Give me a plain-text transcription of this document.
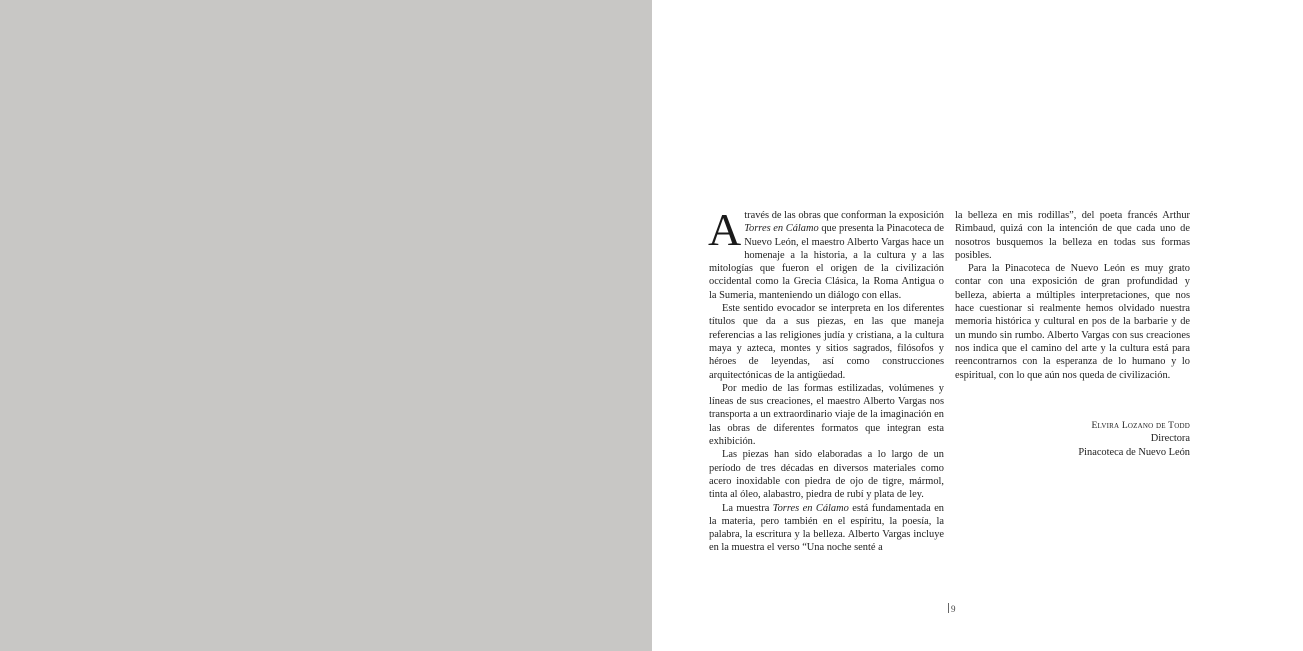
Através de las obras que conforman la exposición Torres en Cálamo que presenta la Pinacoteca de Nuevo León, el maestro Alberto Vargas hace un homenaje a la historia, a la cultura y a las mitologías que fueron el origen de la civilización occidental como la Grecia Clásica, la Roma Antigua o la Sumeria, manteniendo un diálogo con ellas.

Este sentido evocador se interpreta en los diferentes títulos que da a sus piezas, en las que maneja referencias a las religiones judía y cristiana, a la cultura maya y azteca, montes y sitios sagrados, filósofos y héroes de leyendas, así como construcciones arquitectónicas de la antigüedad.

Por medio de las formas estilizadas, volúmenes y líneas de sus creaciones, el maestro Alberto Vargas nos transporta a un extraordinario viaje de la imaginación en las obras de diferentes formatos que integran esta exhibición.

Las piezas han sido elaboradas a lo largo de un período de tres décadas en diversos materiales como acero inoxidable con piedra de ojo de tigre, mármol, tinta al óleo, alabastro, piedra de rubí y plata de ley.

La muestra Torres en Cálamo está fundamentada en la materia, pero también en el espíritu, la poesía, la palabra, la escritura y la belleza. Alberto Vargas incluye en la muestra el verso “Una noche senté a

la belleza en mis rodillas”, del poeta francés Arthur Rimbaud, quizá con la intención de que cada uno de nosotros busquemos la belleza en todas sus formas posibles.

Para la Pinacoteca de Nuevo León es muy grato contar con una exposición de gran profundidad y belleza, abierta a múltiples interpretaciones, que nos hace cuestionar si realmente hemos olvidado nuestra memoria histórica y cultural en pos de la barbarie y de un mundo sin rumbo. Alberto Vargas con sus creaciones nos indica que el camino del arte y la cultura está para reencontrarnos con la esperanza de lo humano y lo espiritual, con lo que aún nos queda de civilización.

Elvira Lozano de Todd
Directora
Pinacoteca de Nuevo León
9
